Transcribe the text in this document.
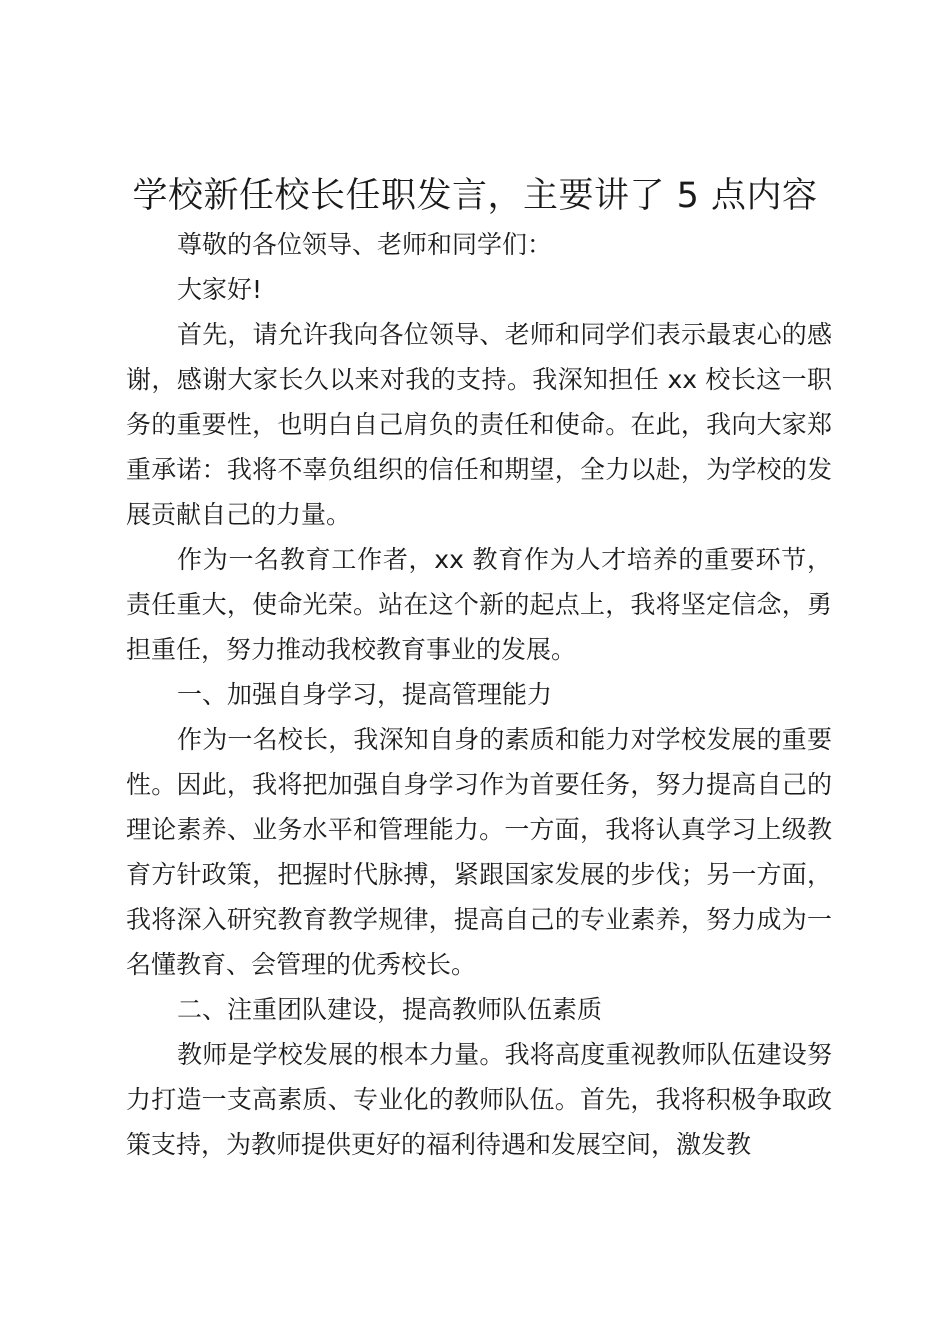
学校新任校长任职发言，主要讲了 5 点内容

尊敬的各位领导、老师和同学们：

大家好!

首先，请允许我向各位领导、老师和同学们表示最衷心的感谢，感谢大家长久以来对我的支持。我深知担任 xx 校长这一职务的重要性，也明白自己肩负的责任和使命。在此，我向大家郑重承诺：我将不辜负组织的信任和期望，全力以赴，为学校的发展贡献自己的力量。

作为一名教育工作者，xx 教育作为人才培养的重要环节，责任重大，使命光荣。站在这个新的起点上，我将坚定信念，勇担重任，努力推动我校教育事业的发展。

一、加强自身学习，提高管理能力

作为一名校长，我深知自身的素质和能力对学校发展的重要性。因此，我将把加强自身学习作为首要任务，努力提高自己的理论素养、业务水平和管理能力。一方面，我将认真学习上级教育方针政策，把握时代脉搏，紧跟国家发展的步伐；另一方面，我将深入研究教育教学规律，提高自己的专业素养，努力成为一名懂教育、会管理的优秀校长。

二、注重团队建设，提高教师队伍素质

教师是学校发展的根本力量。我将高度重视教师队伍建设努力打造一支高素质、专业化的教师队伍。首先，我将积极争取政策支持，为教师提供更好的福利待遇和发展空间，激发教
